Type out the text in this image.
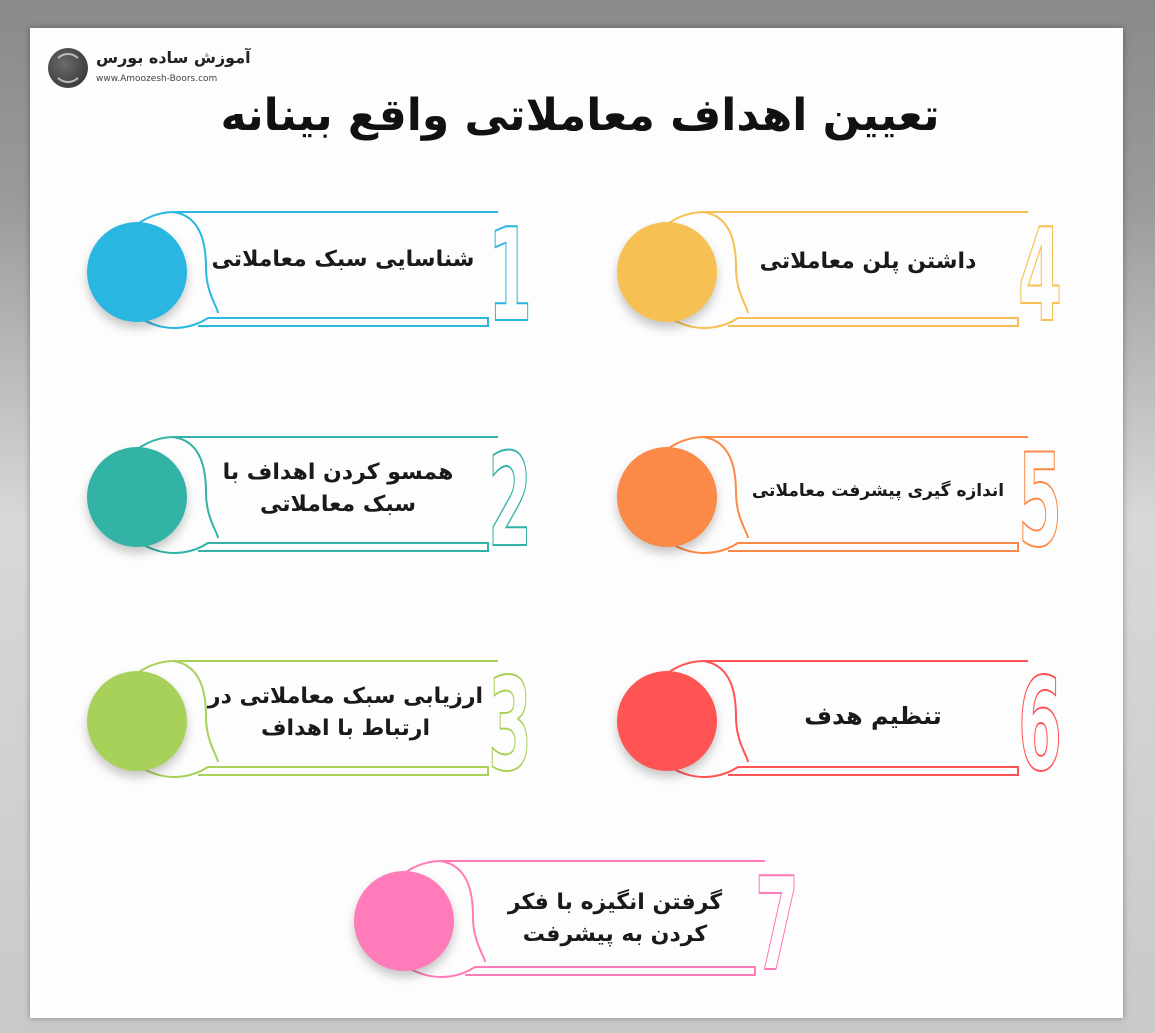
آموزش ساده بورس
www.Amoozesh-Boors.com
تعیین اهداف معاملاتی واقع بینانه
1
شناسایی سبک معاملاتی
2
همسو کردن اهداف با سبک معاملاتی
3
ارزیابی سبک معاملاتی در ارتباط با اهداف
4
داشتن پلن معاملاتی
5
اندازه گیری پیشرفت معاملاتی
6
تنظیم هدف
7
گرفتن انگیزه با فکر کردن به پیشرفت
